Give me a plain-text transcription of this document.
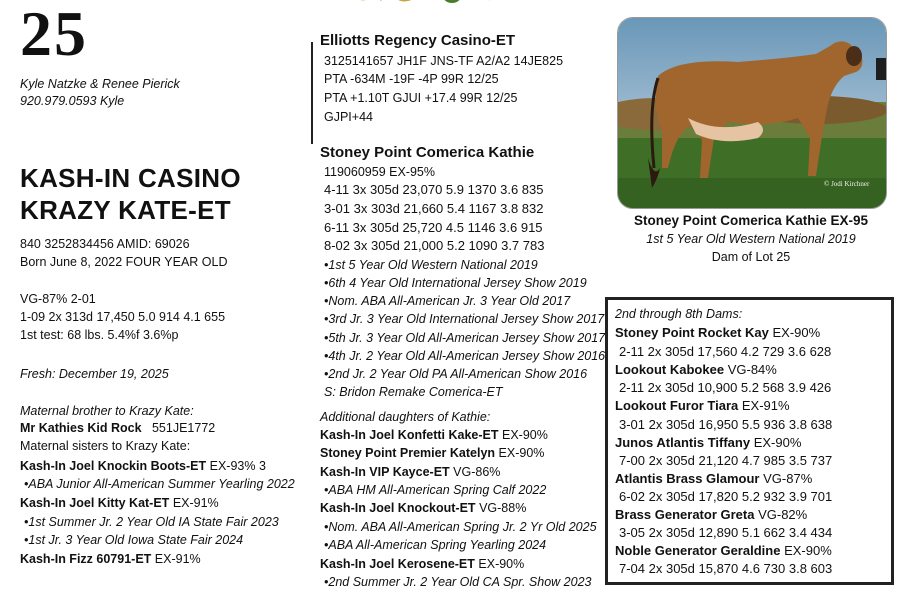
25
Kyle Natzke & Renee Pierick
920.979.0593 Kyle
KASH-IN CASINO
KRAZY KATE-ET
840 3252834456 AMID: 69026
Born June 8, 2022 FOUR YEAR OLD
VG-87% 2-01
1-09 2x 313d 17,450 5.0 914 4.1 655
1st test: 68 lbs. 5.4%f 3.6%p
Fresh: December 19, 2025
Maternal brother to Krazy Kate:
Mr Kathies Kid Rock 551JE1772
Maternal sisters to Krazy Kate:
Kash-In Joel Knockin Boots-ET EX-93% 3
•ABA Junior All-American Summer Yearling 2022
Kash-In Joel Kitty Kat-ET EX-91%
•1st Summer Jr. 2 Year Old IA State Fair 2023
•1st Jr. 3 Year Old Iowa State Fair 2024
Kash-In Fizz 60791-ET EX-91%
Elliotts Regency Casino-ET
3125141657 JH1F JNS-TF A2/A2 14JE825
PTA -634M -19F -4P 99R 12/25
PTA +1.10T GJUI +17.4 99R 12/25
GJPI+44
Stoney Point Comerica Kathie
119060959 EX-95%
4-11 3x 305d 23,070 5.9 1370 3.6 835
3-01 3x 303d 21,660 5.4 1167 3.8 832
6-11 3x 305d 25,720 4.5 1146 3.6 915
8-02 3x 305d 21,000 5.2 1090 3.7 783
•1st 5 Year Old Western National 2019
•6th 4 Year Old International Jersey Show 2019
•Nom. ABA All-American Jr. 3 Year Old 2017
•3rd Jr. 3 Year Old International Jersey Show 2017
•5th Jr. 3 Year Old All-American Jersey Show 2017
•4th Jr. 2 Year Old All-American Jersey Show 2016
•2nd Jr. 2 Year Old PA All-American Show 2016
S: Bridon Remake Comerica-ET
Additional daughters of Kathie:
Kash-In Joel Konfetti Kake-ET EX-90%
Stoney Point Premier Katelyn EX-90%
Kash-In VIP Kayce-ET VG-86%
•ABA HM All-American Spring Calf 2022
Kash-In Joel Knockout-ET VG-88%
•Nom. ABA All-American Spring Jr. 2 Yr Old 2025
•ABA All-American Spring Yearling 2024
Kash-In Joel Kerosene-ET EX-90%
•2nd Summer Jr. 2 Year Old CA Spr. Show 2023
© Jodi Kirchner
Stoney Point Comerica Kathie EX-95
1st 5 Year Old Western National 2019
Dam of Lot 25
2nd through 8th Dams:
Stoney Point Rocket Kay EX-90%
2-11 2x 305d 17,560 4.2 729 3.6 628
Lookout Kabokee VG-84%
2-11 2x 305d 10,900 5.2 568 3.9 426
Lookout Furor Tiara EX-91%
3-01 2x 305d 16,950 5.5 936 3.8 638
Junos Atlantis Tiffany EX-90%
7-00 2x 305d 21,120 4.7 985 3.5 737
Atlantis Brass Glamour VG-87%
6-02 2x 305d 17,820 5.2 932 3.9 701
Brass Generator Greta VG-82%
3-05 2x 305d 12,890 5.1 662 3.4 434
Noble Generator Geraldine EX-90%
7-04 2x 305d 15,870 4.6 730 3.8 603
